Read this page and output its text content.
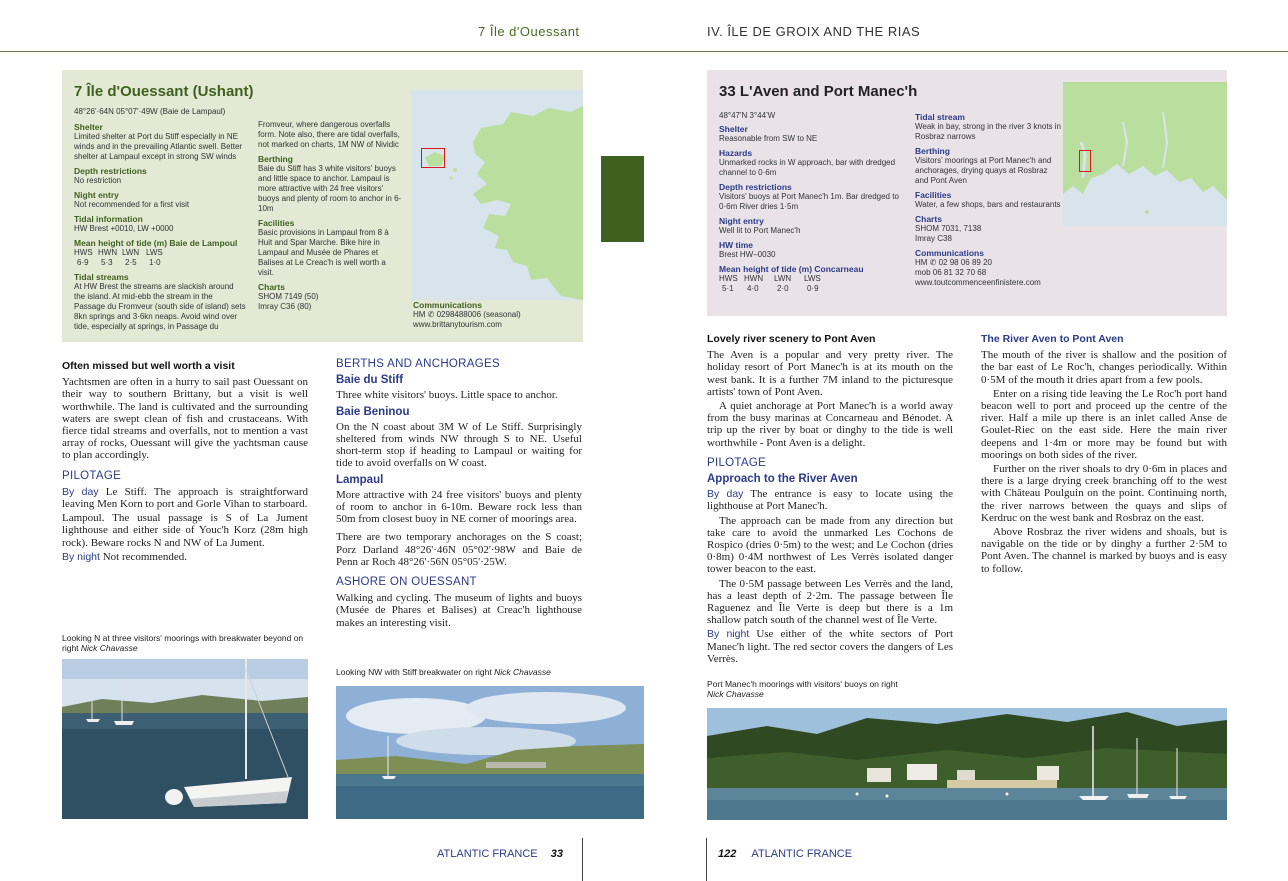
7 Île d'Ouessant	IV. ÎLE DE GROIX AND THE RIAS
7 Île d'Ouessant (Ushant)
48°26'·64N 05°07'·49W (Baie de Lampaul)
Shelter
Limited shelter at Port du Stiff especially in NE winds and in the prevailing Atlantic swell. Better shelter at Lampaul except in strong SW winds
Depth restrictions
No restriction
Night entry
Not recommended for a first visit
Tidal information
HW Brest +0010, LW +0000
Mean height of tide (m) Baie de Lampoul
HWS HWN LWN LWS
6·9	5·3	2·5	1·0
Tidal streams
At HW Brest the streams are slackish around the island. At mid-ebb the stream in the Passage du Fromveur (south side of island) sets 8kn springs and 3·6kn neaps. Avoid wind over tide, especially at springs, in Passage du
Fromveur, where dangerous overfalls form. Note also, there are tidal overfalls, not marked on charts, 1M NW of Nividic
Berthing
Baie du Stiff has 3 white visitors' buoys and little space to anchor. Lampaul is more attractive with 24 free visitors' buoys and plenty of room to anchor in 6-10m
Facilities
Basic provisions in Lampaul from 8 à Huit and Spar Marche. Bike hire in Lampaul and Musée de Phares et Balises at Le Creac'h is well worth a visit.
Charts
SHOM 7149 (50)
Imray C36 (80)	Communications
HM ✆ 0298488006 (seasonal)
www.brittanytourism.com
33 L'Aven and Port Manec'h
48°47'N 3°44'W
Shelter
Reasonable from SW to NE
Hazards
Unmarked rocks in W approach, bar with dredged channel to 0·6m
Depth restrictions
Visitors' buoys at Port Manec'h 1m. Bar dredged to 0·6m River dries 1·5m
Night entry
Well lit to Port Manec'h
HW time
Brest HW–0030
Mean height of tide (m) Concarneau
HWS HWN	LWN	LWS
5·1	4·0	2·0	0·9
Tidal stream
Weak in bay, strong in the river 3 knots in Rosbraz narrows
Berthing
Visitors' moorings at Port Manec'h and anchorages, drying quays at Rosbraz and Pont Aven
Facilities
Water, a few shops, bars and restaurants
Charts
SHOM 7031, 7138
Imray C38
Communications
HM ✆ 02 98 06 89 20
mob 06 81 32 70 68
www.toutcommenceenfinistere.com
Often missed but well worth a visit

Yachtsmen are often in a hurry to sail past Ouessant on their way to southern Brittany, but a visit is well worthwhile. The land is cultivated and the surrounding waters are swept clean of fish and crustaceans. With fierce tidal streams and overfalls, not to mention a vast array of rocks, Ouessant will give the yachtsman cause to plan accordingly.

PILOTAGE

By day Le Stiff. The approach is straightforward leaving Men Korn to port and Gorle Vihan to starboard.

Lampoul. The usual passage is S of La Jument lighthouse and either side of Youc'h Korz (28m high rock). Beware rocks N and NW of La Jument.

By night Not recommended.

BERTHS AND ANCHORAGES
Baie du Stiff

Three white visitors' buoys. Little space to anchor.

Baie Beninou

On the N coast about 3M W of Le Stiff. Surprisingly sheltered from winds NW through S to NE. Useful short-term stop if heading to Lampaul or waiting for tide to avoid overfalls on W coast.

Lampaul

More attractive with 24 free visitors' buoys and plenty of room to anchor in 6-10m. Beware rock less than 50m from closest buoy in NE corner of moorings area.

There are two temporary anchorages on the S coast; Porz Darland 48°26'·46N 05°02'·98W and Baie de Penn ar Roch 48°26'·56N 05°05'·25W.

ASHORE ON OUESSANT

Walking and cycling. The museum of lights and buoys (Musée de Phares et Balises) at Creac'h lighthouse makes an interesting visit.

Looking N at three visitors' moorings with breakwater beyond on right Nick Chavasse
Looking NW with Stiff breakwater on right Nick Chavasse
Lovely river scenery to Pont Aven

The Aven is a popular and very pretty river. The holiday resort of Port Manec'h is at its mouth on the west bank. It is a further 7M inland to the picturesque artists' town of Pont Aven.

A quiet anchorage at Port Manec'h is a world away from the busy marinas at Concarneau and Bénodet. A trip up the river by boat or dinghy to the tide is well worthwhile - Pont Aven is a delight.

PILOTAGE
Approach to the River Aven

By day The entrance is easy to locate using the lighthouse at Port Manec'h.

The approach can be made from any direction but take care to avoid the unmarked Les Cochons de Rospico (dries 0·5m) to the west; and Le Cochon (dries 0·8m) 0·4M northwest of Les Verrès isolated danger tower beacon to the east.

The 0·5M passage between Les Verrès and the land, has a least depth of 2·2m. The passage between Île Raguenez and Île Verte is deep but there is a 1m shallow patch south of the channel west of Île Verte.

By night Use either of the white sectors of Port Manec'h light. The red sector covers the dangers of Les Verrès.

The River Aven to Pont Aven

The mouth of the river is shallow and the position of the bar east of Le Roc'h, changes periodically. Within 0·5M of the mouth it dries apart from a few pools.

Enter on a rising tide leaving the Le Roc'h port hand beacon well to port and proceed up the centre of the river. Half a mile up there is an inlet called Anse de Goulet-Riec on the east side. Here the main river deepens and 1·4m or more may be found but with moorings on both sides of the river.

Further on the river shoals to dry 0·6m in places and there is a large drying creek branching off to the west with Château Poulguin on the point. Continuing north, the river narrows between the quays and slips of Kerdruc on the west bank and Rosbraz on the east.

Above Rosbraz the river widens and shoals, but is navigable on the tide or by dinghy a further 2·5M to Pont Aven. The channel is marked by buoys and is easy to follow.

Port Manec'h moorings with visitors' buoys on right
Nick Chavasse
ATLANTIC FRANCE 33	122 ATLANTIC FRANCE
